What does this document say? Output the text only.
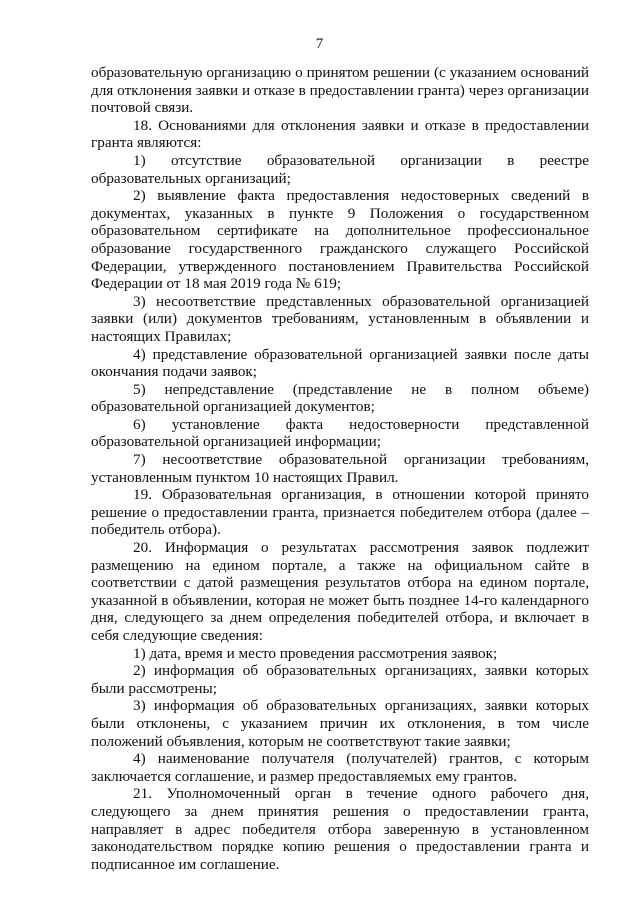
7

образовательную организацию о принятом решении (с указанием оснований для отклонения заявки и отказе в предоставлении гранта) через организации почтовой связи.

18. Основаниями для отклонения заявки и отказе в предоставлении гранта являются:

1) отсутствие образовательной организации в реестре образовательных организаций;

2) выявление факта предоставления недостоверных сведений в документах, указанных в пункте 9 Положения о государственном образовательном сертификате на дополнительное профессиональное образование государственного гражданского служащего Российской Федерации, утвержденного постановлением Правительства Российской Федерации от 18 мая 2019 года № 619;

3) несоответствие представленных образовательной организацией заявки (или) документов требованиям, установленным в объявлении и настоящих Правилах;

4) представление образовательной организацией заявки после даты окончания подачи заявок;

5) непредставление (представление не в полном объеме) образовательной организацией документов;

6) установление факта недостоверности представленной образовательной организацией информации;

7) несоответствие образовательной организации требованиям, установленным пунктом 10 настоящих Правил.

19. Образовательная организация, в отношении которой принято решение о предоставлении гранта, признается победителем отбора (далее – победитель отбора).

20. Информация о результатах рассмотрения заявок подлежит размещению на едином портале, а также на официальном сайте в соответствии с датой размещения результатов отбора на едином портале, указанной в объявлении, которая не может быть позднее 14-го календарного дня, следующего за днем определения победителей отбора, и включает в себя следующие сведения:

1) дата, время и место проведения рассмотрения заявок;

2) информация об образовательных организациях, заявки которых были рассмотрены;

3) информация об образовательных организациях, заявки которых были отклонены, с указанием причин их отклонения, в том числе положений объявления, которым не соответствуют такие заявки;

4) наименование получателя (получателей) грантов, с которым заключается соглашение, и размер предоставляемых ему грантов.

21. Уполномоченный орган в течение одного рабочего дня, следующего за днем принятия решения о предоставлении гранта, направляет в адрес победителя отбора заверенную в установленном законодательством порядке копию решения о предоставлении гранта и подписанное им соглашение.
